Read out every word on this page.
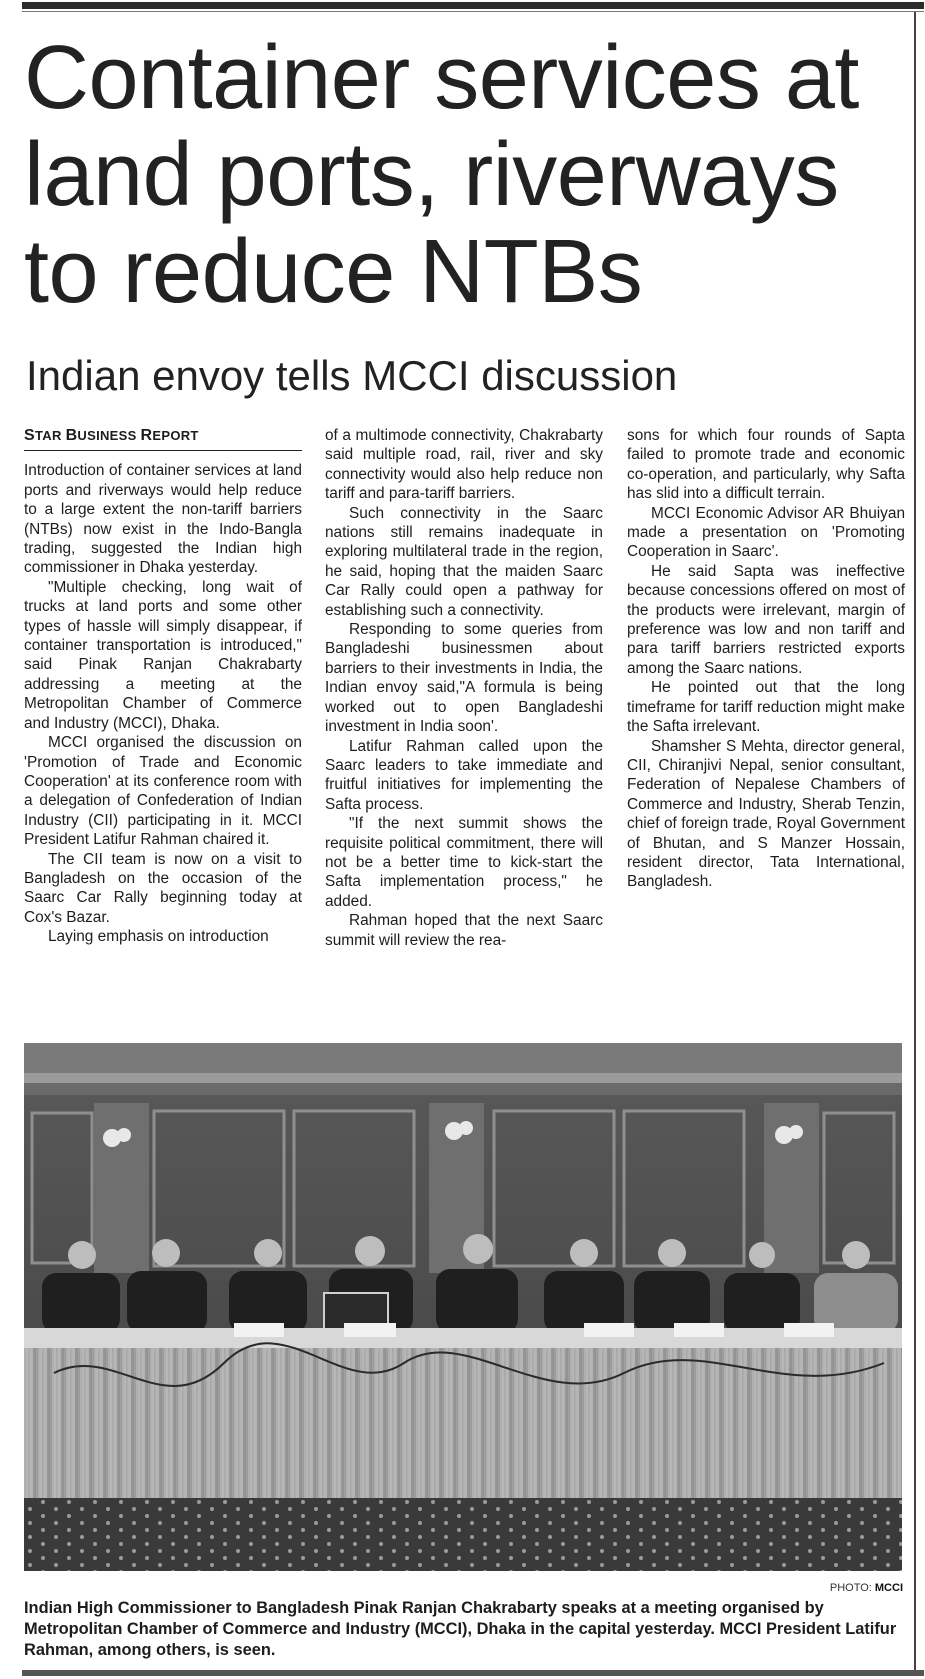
Container services at land ports, riverways to reduce NTBs
Indian envoy tells MCCI discussion
STAR BUSINESS REPORT

Introduction of container services at land ports and riverways would help reduce to a large extent the non-tariff barriers (NTBs) now exist in the Indo-Bangla trading, suggested the Indian high commissioner in Dhaka yesterday.

"Multiple checking, long wait of trucks at land ports and some other types of hassle will simply disappear, if container transportation is introduced," said Pinak Ranjan Chakrabarty addressing a meeting at the Metropolitan Chamber of Commerce and Industry (MCCI), Dhaka.

MCCI organised the discussion on 'Promotion of Trade and Economic Cooperation' at its conference room with a delegation of Confederation of Indian Industry (CII) participating in it. MCCI President Latifur Rahman chaired it.

The CII team is now on a visit to Bangladesh on the occasion of the Saarc Car Rally beginning today at Cox's Bazar.

Laying emphasis on introduction

of a multimode connectivity, Chakrabarty said multiple road, rail, river and sky connectivity would also help reduce non tariff and para-tariff barriers.

Such connectivity in the Saarc nations still remains inadequate in exploring multilateral trade in the region, he said, hoping that the maiden Saarc Car Rally could open a pathway for establishing such a connectivity.

Responding to some queries from Bangladeshi businessmen about barriers to their investments in India, the Indian envoy said,"A formula is being worked out to open Bangladeshi investment in India soon'.

Latifur Rahman called upon the Saarc leaders to take immediate and fruitful initiatives for implementing the Safta process.

"If the next summit shows the requisite political commitment, there will not be a better time to kick-start the Safta implementation process," he added.

Rahman hoped that the next Saarc summit will review the rea-

sons for which four rounds of Sapta failed to promote trade and economic co-operation, and particularly, why Safta has slid into a difficult terrain.

MCCI Economic Advisor AR Bhuiyan made a presentation on 'Promoting Cooperation in Saarc'.

He said Sapta was ineffective because concessions offered on most of the products were irrelevant, margin of preference was low and non tariff and para tariff barriers restricted exports among the Saarc nations.

He pointed out that the long timeframe for tariff reduction might make the Safta irrelevant.

Shamsher S Mehta, director general, CII, Chiranjivi Nepal, senior consultant, Federation of Nepalese Chambers of Commerce and Industry, Sherab Tenzin, chief of foreign trade, Royal Government of Bhutan, and S Manzer Hossain, resident director, Tata International, Bangladesh.

PHOTO: MCCI

Indian High Commissioner to Bangladesh Pinak Ranjan Chakrabarty speaks at a meeting organised by Metropolitan Chamber of Commerce and Industry (MCCI), Dhaka in the capital yesterday. MCCI President Latifur Rahman, among others, is seen.
